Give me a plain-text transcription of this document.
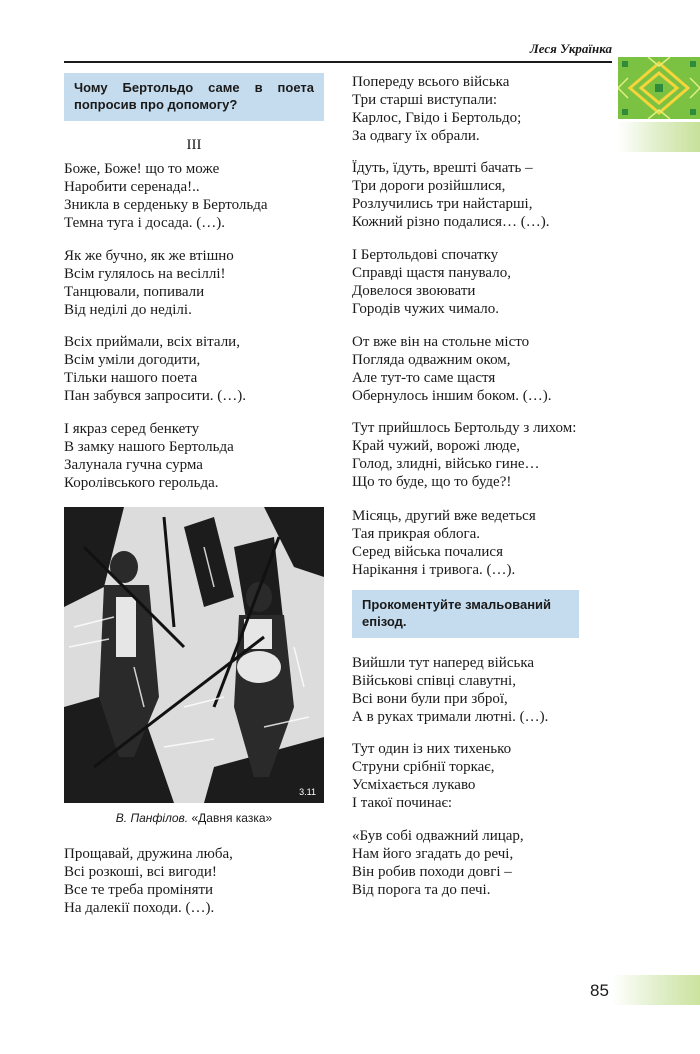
Леся Українка
Чому Бертольдо саме в поета попросив про допомогу?
ІІІ
Боже, Боже! що то може
Наробити серенада!..
Зникла в серденьку в Бертольда
Темна туга і досада. (…).
Як же бучно, як же втішно
Всім гулялось на весіллі!
Танцювали, попивали
Від неділі до неділі.
Всіх приймали, всіх вітали,
Всім уміли догодити,
Тільки нашого поета
Пан забувся запросити. (…).
І якраз серед бенкету
В замку нашого Бертольда
Залунала гучна сурма
Королівського герольда.
3.11
В. Панфілов. «Давня казка»
Прощавай, дружина люба,
Всі розкоші, всі вигоди!
Все те треба проміняти
На далекії походи. (…).
Попереду всього війська
Три старші виступали:
Карлос, Гвідо і Бертольдо;
За одвагу їх обрали.
Їдуть, їдуть, врешті бачать –
Три дороги розійшлися,
Розлучились три найстарші,
Кожний різно подалися… (…).
І Бертольдові спочатку
Справді щастя панувало,
Довелося звоювати
Городів чужих чимало.
От вже він на стольне місто
Погляда одважним оком,
Але тут-то саме щастя
Обернулось іншим боком. (…).
Тут прийшлось Бертольду з лихом:
Край чужий, ворожі люде,
Голод, злидні, військо гине…
Що то буде, що то буде?!
Місяць, другий вже ведеться
Тая прикрая облога.
Серед війська почалися
Нарікання і тривога. (…).
Прокоментуйте змальований епізод.
Вийшли тут наперед війська
Військові співці славутні,
Всі вони були при зброї,
А в руках тримали лютні. (…).
Тут один із них тихенько
Струни срібнії торкає,
Усміхається лукаво
І такої починає:
«Був собі одважний лицар,
Нам його згадать до речі,
Він робив походи довгі –
Від порога та до печі.
85
